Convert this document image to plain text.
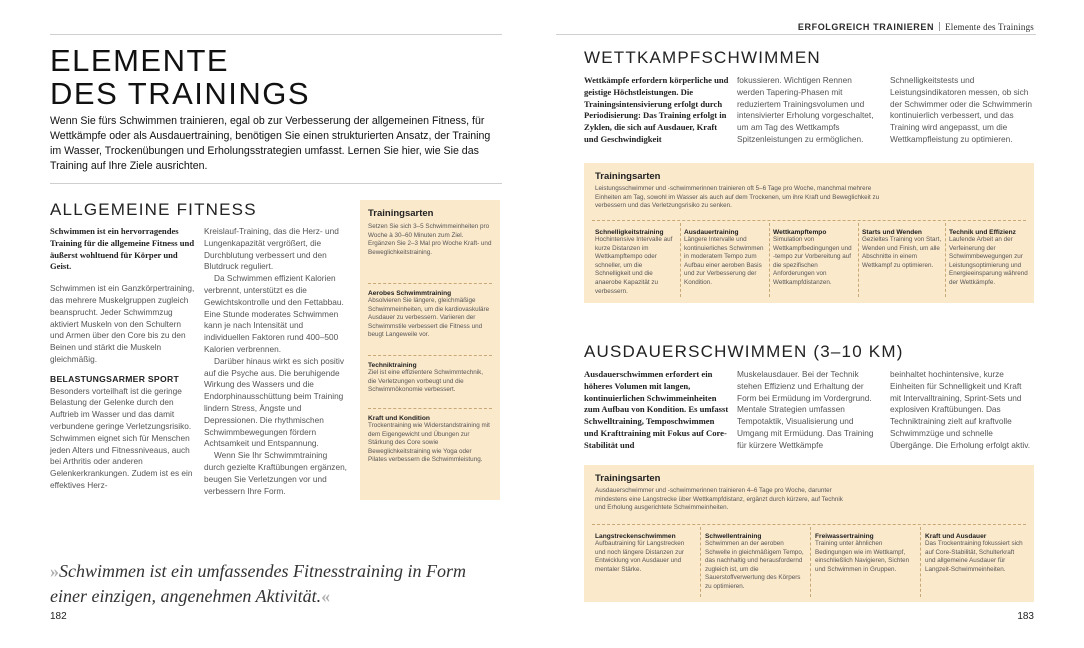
ERFOLGREICH TRAINIEREN Elemente des Trainings
ELEMENTE
DES TRAININGS

Wenn Sie fürs Schwimmen trainieren, egal ob zur Verbesserung der allgemeinen Fitness, für Wettkämpfe oder als Ausdauertraining, benötigen Sie einen strukturierten Ansatz, der Training im Wasser, Trockenübungen und Erholungsstrategien umfasst. Lernen Sie hier, wie Sie das Training auf Ihre Ziele ausrichten.

ALLGEMEINE FITNESS

Schwimmen ist ein hervorragendes Training für die allgemeine Fitness und äußerst wohltuend für Körper und Geist.

Schwimmen ist ein Ganzkörpertraining, das mehrere Muskelgruppen zugleich beansprucht. Jeder Schwimmzug aktiviert Muskeln von den Schultern und Armen über den Core bis zu den Beinen und stärkt die Muskeln gleichmäßig.

BELASTUNGSARMER SPORT

Besonders vorteilhaft ist die geringe Belastung der Gelenke durch den Auftrieb im Wasser und das damit verbundene geringe Verletzungsrisiko. Schwimmen eignet sich für Menschen jeden Alters und Fitnessniveaus, auch bei Arthritis oder anderen Gelenkerkrankungen. Zudem ist es ein effektives Herz-

Kreislauf-Training, das die Herz- und Lungenkapazität vergrößert, die Durchblutung verbessert und den Blutdruck reguliert.

Da Schwimmen effizient Kalorien verbrennt, unterstützt es die Gewichtskontrolle und den Fettabbau. Eine Stunde moderates Schwimmen kann je nach Intensität und individuellen Faktoren rund 400–500 Kalorien verbrennen.

Darüber hinaus wirkt es sich positiv auf die Psyche aus. Die beruhigende Wirkung des Wassers und die Endorphinausschüttung beim Training lindern Stress, Ängste und Depressionen. Die rhythmischen Schwimmbewegungen fördern Achtsamkeit und Entspannung.

Wenn Sie Ihr Schwimmtraining durch gezielte Kraftübungen ergänzen, beugen Sie Verletzungen vor und verbessern Ihre Form.

Trainingsarten
Setzen Sie sich 3–5 Schwimmeinheiten pro Woche à 30–60 Minuten zum Ziel. Ergänzen Sie 2–3 Mal pro Woche Kraft- und Beweglichkeitstraining.
Aerobes Schwimmtraining
Absolvieren Sie längere, gleichmäßige Schwimmeinheiten, um die kardiovaskuläre Ausdauer zu verbessern. Variieren der Schwimmstile verbessert die Fitness und beugt Langeweile vor.
Techniktraining
Ziel ist eine effizientere Schwimmtechnik, die Verletzungen vorbeugt und die Schwimmökonomie verbessert.
Kraft und Kondition
Trockentraining wie Widerstandstraining mit dem Eigengewicht und Übungen zur Stärkung des Core sowie Beweglichkeitstraining wie Yoga oder Pilates verbessern die Schwimmleistung.

»Schwimmen ist ein umfassendes Fitnesstraining in Form einer einzigen, angenehmen Aktivität.«

182
WETTKAMPFSCHWIMMEN

Wettkämpfe erfordern körperliche und geistige Höchstleistungen. Die Trainingsintensivierung erfolgt durch Periodisierung: Das Training erfolgt in Zyklen, die sich auf Ausdauer, Kraft und Geschwindigkeit

fokussieren. Wichtigen Rennen werden Tapering-Phasen mit reduziertem Trainingsvolumen und intensivierter Erholung vorgeschaltet, um am Tag des Wettkampfs Spitzenleistungen zu ermöglichen.

Schnelligkeitstests und Leistungsindikatoren messen, ob sich der Schwimmer oder die Schwimmerin kontinuierlich verbessert, und das Training wird angepasst, um die Wettkampfleistung zu optimieren.

Trainingsarten
Leistungsschwimmer und -schwimmerinnen trainieren oft 5–6 Tage pro Woche, manchmal mehrere Einheiten am Tag, sowohl im Wasser als auch auf dem Trockenen, um ihre Kraft und Beweglichkeit zu verbessern und das Verletzungsrisiko zu senken.
Schnelligkeitstraining
Hochintensive Intervalle auf kurze Distanzen im Wettkampftempo oder schneller, um die Schnelligkeit und die anaerobe Kapazität zu verbessern.
Ausdauertraining
Längere Intervalle und kontinuierliches Schwimmen in moderatem Tempo zum Aufbau einer aeroben Basis und zur Verbesserung der Kondition.
Wettkampftempo
Simulation von Wettkampfbedingungen und -tempo zur Vorbereitung auf die spezifischen Anforderungen von Wettkampfdistanzen.
Starts und Wenden
Gezieltes Training von Start, Wenden und Finish, um alle Abschnitte in einem Wettkampf zu optimieren.
Technik und Effizienz
Laufende Arbeit an der Verfeinerung der Schwimmbewegungen zur Leistungsoptimierung und Energieeinsparung während der Wettkämpfe.
AUSDAUERSCHWIMMEN (3–10 KM)

Ausdauerschwimmen erfordert ein höheres Volumen mit langen, kontinuierlichen Schwimmeinheiten zum Aufbau von Kondition. Es umfasst Schwelltraining, Temposchwimmen und Krafttraining mit Fokus auf Core-Stabilität und

Muskelausdauer. Bei der Technik stehen Effizienz und Erhaltung der Form bei Ermüdung im Vordergrund. Mentale Strategien umfassen Tempotaktik, Visualisierung und Umgang mit Ermüdung. Das Training für kürzere Wettkämpfe

beinhaltet hochintensive, kurze Einheiten für Schnelligkeit und Kraft mit Intervalltraining, Sprint-Sets und explosiven Kraftübungen. Das Techniktraining zielt auf kraftvolle Schwimmzüge und schnelle Übergänge. Die Erholung erfolgt aktiv.

Trainingsarten
Ausdauerschwimmer und -schwimmerinnen trainieren 4–6 Tage pro Woche, darunter mindestens eine Langstrecke über Wettkampfdistanz, ergänzt durch kürzere, auf Technik und Erholung ausgerichtete Schwimmeinheiten.
Langstreckenschwimmen
Aufbautraining für Langstrecken und noch längere Distanzen zur Entwicklung von Ausdauer und mentaler Stärke.
Schwellentraining
Schwimmen an der aeroben Schwelle in gleichmäßigem Tempo, das nachhaltig und herausfordernd zugleich ist, um die Sauerstoffverwertung des Körpers zu optimieren.
Freiwassertraining
Training unter ähnlichen Bedingungen wie im Wettkampf, einschließlich Navigieren, Sichten und Schwimmen in Gruppen.
Kraft und Ausdauer
Das Trockentraining fokussiert sich auf Core-Stabilität, Schulterkraft und allgemeine Ausdauer für Langzeit-Schwimmeinheiten.
183
